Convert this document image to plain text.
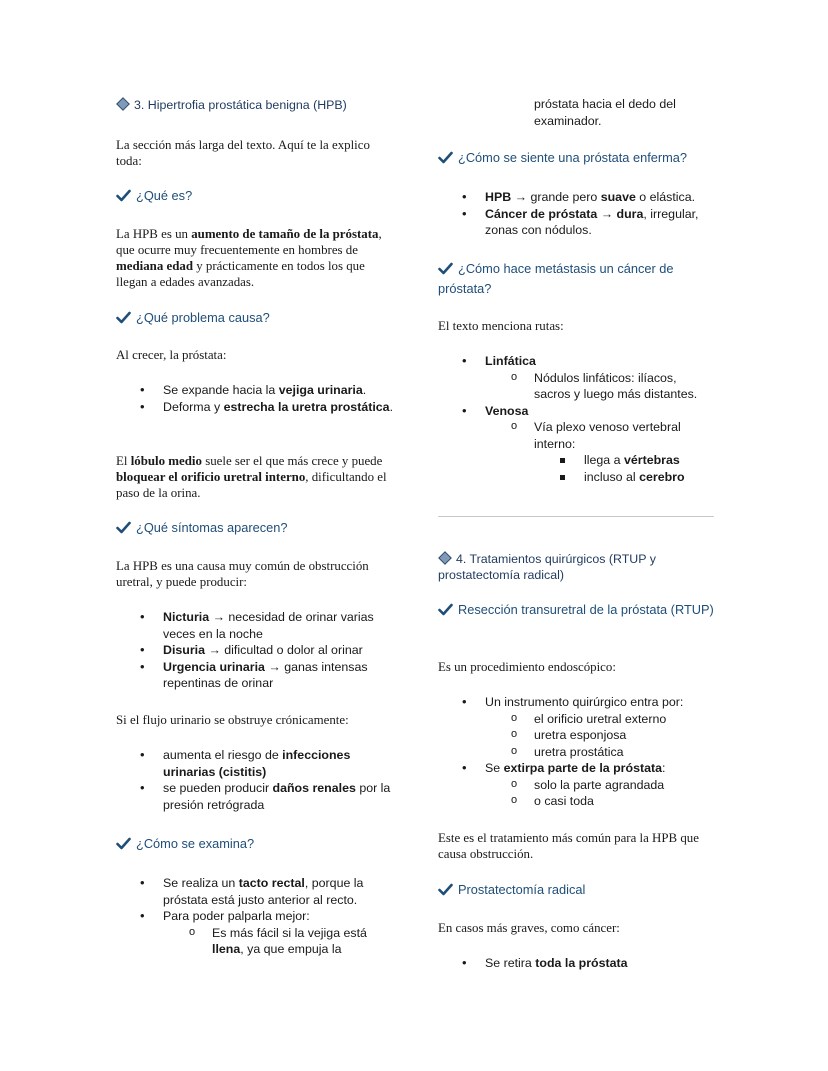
3. Hipertrofia prostática benigna (HPB)
La sección más larga del texto. Aquí te la explico toda:
¿Qué es?
La HPB es un aumento de tamaño de la próstata, que ocurre muy frecuentemente en hombres de mediana edad y prácticamente en todos los que llegan a edades avanzadas.
¿Qué problema causa?
Al crecer, la próstata:
• Se expande hacia la vejiga urinaria.
• Deforma y estrecha la uretra prostática.
El lóbulo medio suele ser el que más crece y puede bloquear el orificio uretral interno, dificultando el paso de la orina.
¿Qué síntomas aparecen?
La HPB es una causa muy común de obstrucción uretral, y puede producir:
• Nicturia → necesidad de orinar varias veces en la noche
• Disuria → dificultad o dolor al orinar
• Urgencia urinaria → ganas intensas repentinas de orinar
Si el flujo urinario se obstruye crónicamente:
• aumenta el riesgo de infecciones urinarias (cistitis)
• se pueden producir daños renales por la presión retrógrada
¿Cómo se examina?
• Se realiza un tacto rectal, porque la próstata está justo anterior al recto.
• Para poder palparla mejor:
o Es más fácil si la vejiga está llena, ya que empuja la
próstata hacia el dedo del examinador.
¿Cómo se siente una próstata enferma?
• HPB → grande pero suave o elástica.
• Cáncer de próstata → dura, irregular, zonas con nódulos.
¿Cómo hace metástasis un cáncer de próstata?
El texto menciona rutas:
• Linfática
o Nódulos linfáticos: ilíacos, sacros y luego más distantes.
• Venosa
o Vía plexo venoso vertebral interno:
llega a vértebras
incluso al cerebro
4. Tratamientos quirúrgicos (RTUP y prostatectomía radical)
Resección transuretral de la próstata (RTUP)
Es un procedimiento endoscópico:
• Un instrumento quirúrgico entra por:
o el orificio uretral externo
o uretra esponjosa
o uretra prostática
• Se extirpa parte de la próstata:
o solo la parte agrandada
o o casi toda
Este es el tratamiento más común para la HPB que causa obstrucción.
Prostatectomía radical
En casos más graves, como cáncer:
• Se retira toda la próstata
